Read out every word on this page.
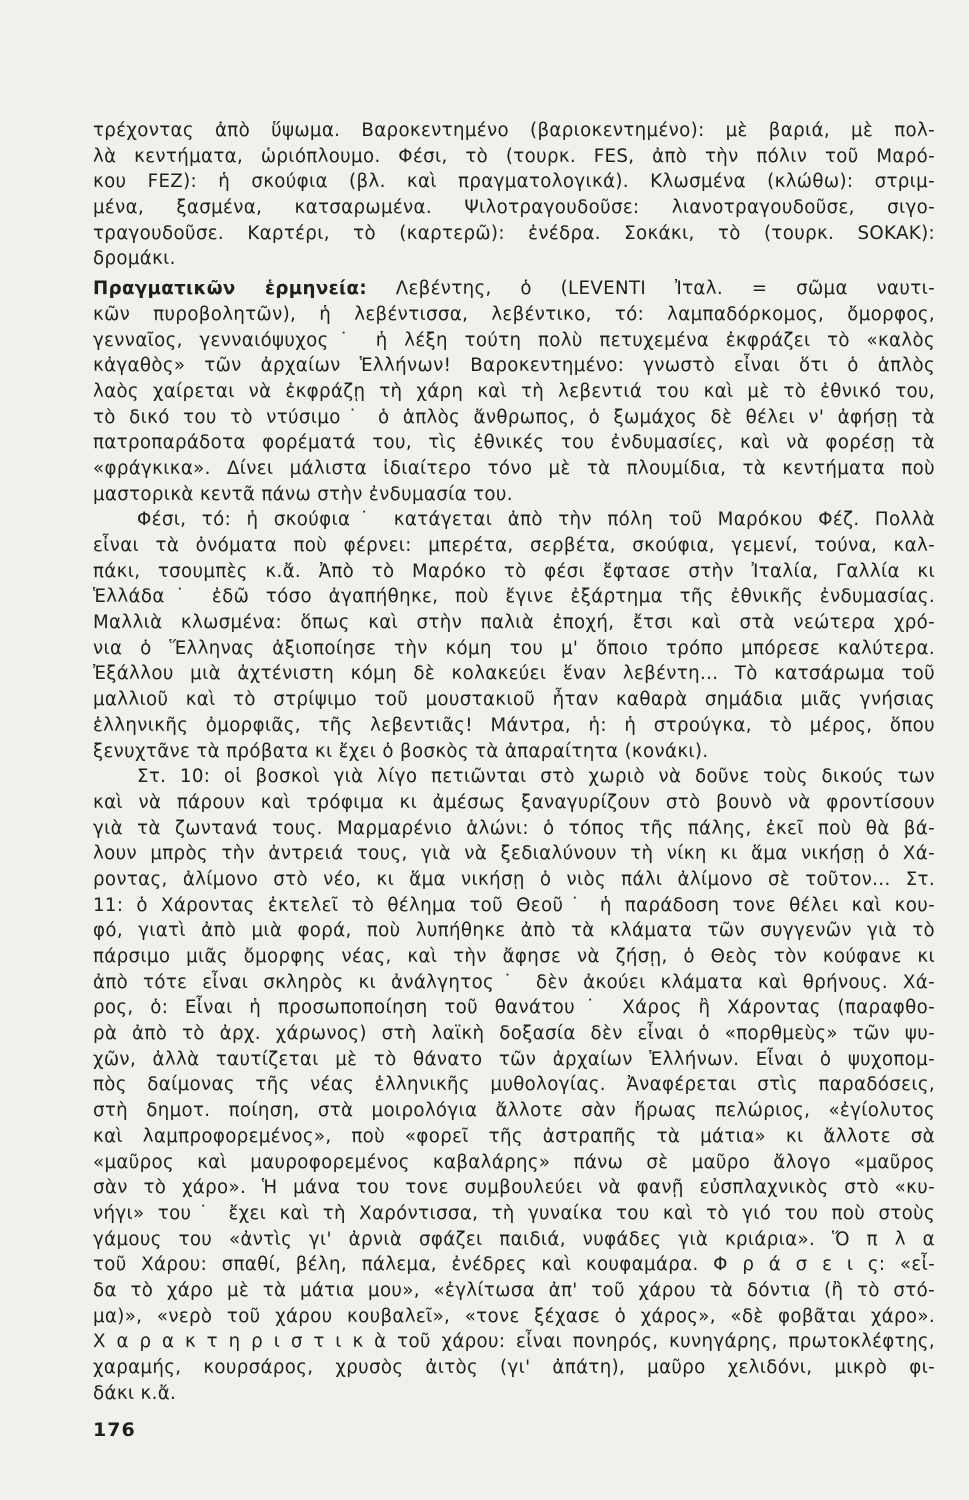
τρέχοντας ἀπὸ ὕψωμα. Βαροκεντημένο (βαριοκεντημένο): μὲ βαριά, μὲ πολ-
λὰ κεντήματα, ὡριόπλουμο. Φέσι, τὸ (τουρκ. FES, ἀπὸ τὴν πόλιν τοῦ Μαρό-
κου FEZ): ἡ σκούφια (βλ. καὶ πραγματολογικά). Κλωσμένα (κλώθω): στριμ-
μένα, ξασμένα, κατσαρωμένα. Ψιλοτραγουδοῦσε: λιανοτραγουδοῦσε, σιγο-
τραγουδοῦσε. Καρτέρι, τὸ (καρτερῶ): ἐνέδρα. Σοκάκι, τὸ (τουρκ. SOKAK):
δρομάκι.
Πραγματικῶν ἑρμηνεία: Λεβέντης, ὁ (LEVENTI Ἰταλ. = σῶμα ναυτι-
κῶν πυροβολητῶν), ἡ λεβέντισσα, λεβέντικο, τό: λαμπαδόρκομος, ὄμορφος,
γενναῖος, γενναιόψυχος˙ ἡ λέξη τούτη πολὺ πετυχεμένα ἐκφράζει τὸ «καλὸς
κἀγαθὸς» τῶν ἀρχαίων Ἑλλήνων! Βαροκεντημένο: γνωστὸ εἶναι ὅτι ὁ ἁπλὸς
λαὸς χαίρεται νὰ ἐκφράζῃ τὴ χάρη καὶ τὴ λεβεντιά του καὶ μὲ τὸ ἐθνικό του,
τὸ δικό του τὸ ντύσιμο˙ ὁ ἁπλὸς ἄνθρωπος, ὁ ξωμάχος δὲ θέλει ν' ἀφήσῃ τὰ
πατροπαράδοτα φορέματά του, τὶς ἐθνικές του ἐνδυμασίες, καὶ νὰ φορέσῃ τὰ
«φράγκικα». Δίνει μάλιστα ἰδιαίτερο τόνο μὲ τὰ πλουμίδια, τὰ κεντήματα ποὺ
μαστορικὰ κεντᾶ πάνω στὴν ἐνδυμασία του.
Φέσι, τό: ἡ σκούφια˙ κατάγεται ἀπὸ τὴν πόλη τοῦ Μαρόκου Φέζ. Πολλὰ
εἶναι τὰ ὀνόματα ποὺ φέρνει: μπερέτα, σερβέτα, σκούφια, γεμενί, τούνα, καλ-
πάκι, τσουμπὲς κ.ἄ. Ἀπὸ τὸ Μαρόκο τὸ φέσι ἔφτασε στὴν Ἰταλία, Γαλλία κι
Ἑλλάδα˙ ἐδῶ τόσο ἀγαπήθηκε, ποὺ ἔγινε ἐξάρτημα τῆς ἐθνικῆς ἐνδυμασίας.
Μαλλιὰ κλωσμένα: ὅπως καὶ στὴν παλιὰ ἐποχή, ἔτσι καὶ στὰ νεώτερα χρό-
νια ὁ Ἕλληνας ἀξιοποίησε τὴν κόμη του μ' ὅποιο τρόπο μπόρεσε καλύτερα.
Ἐξάλλου μιὰ ἀχτένιστη κόμη δὲ κολακεύει ἕναν λεβέντη... Τὸ κατσάρωμα τοῦ
μαλλιοῦ καὶ τὸ στρίψιμο τοῦ μουστακιοῦ ἦταν καθαρὰ σημάδια μιᾶς γνήσιας
ἑλληνικῆς ὀμορφιᾶς, τῆς λεβεντιᾶς! Μάντρα, ἡ: ἡ στρούγκα, τὸ μέρος, ὅπου
ξενυχτᾶνε τὰ πρόβατα κι ἔχει ὁ βοσκὸς τὰ ἀπαραίτητα (κονάκι).
Στ. 10: οἱ βοσκοὶ γιὰ λίγο πετιῶνται στὸ χωριὸ νὰ δοῦνε τοὺς δικούς των
καὶ νὰ πάρουν καὶ τρόφιμα κι ἀμέσως ξαναγυρίζουν στὸ βουνὸ νὰ φροντίσουν
γιὰ τὰ ζωντανά τους. Μαρμαρένιο ἁλώνι: ὁ τόπος τῆς πάλης, ἐκεῖ ποὺ θὰ βά-
λουν μπρὸς τὴν ἀντρειά τους, γιὰ νὰ ξεδιαλύνουν τὴ νίκη κι ἅμα νικήσῃ ὁ Χά-
ροντας, ἀλίμονο στὸ νέο, κι ἅμα νικήσῃ ὁ νιὸς πάλι ἀλίμονο σὲ τοῦτον... Στ.
11: ὁ Χάροντας ἐκτελεῖ τὸ θέλημα τοῦ Θεοῦ˙ ἡ παράδοση τονε θέλει καὶ κου-
φό, γιατὶ ἀπὸ μιὰ φορά, ποὺ λυπήθηκε ἀπὸ τὰ κλάματα τῶν συγγενῶν γιὰ τὸ
πάρσιμο μιᾶς ὄμορφης νέας, καὶ τὴν ἄφησε νὰ ζήσῃ, ὁ Θεὸς τὸν κούφανε κι
ἀπὸ τότε εἶναι σκληρὸς κι ἀνάλγητος˙ δὲν ἀκούει κλάματα καὶ θρήνους. Χά-
ρος, ὁ: Εἶναι ἡ προσωποποίηση τοῦ θανάτου˙ Χάρος ἢ Χάροντας (παραφθο-
ρὰ ἀπὸ τὸ ἀρχ. χάρωνος) στὴ λαϊκὴ δοξασία δὲν εἶναι ὁ «πορθμεὺς» τῶν ψυ-
χῶν, ἀλλὰ ταυτίζεται μὲ τὸ θάνατο τῶν ἀρχαίων Ἑλλήνων. Εἶναι ὁ ψυχοπομ-
πὸς δαίμονας τῆς νέας ἑλληνικῆς μυθολογίας. Ἀναφέρεται στὶς παραδόσεις,
στὴ δημοτ. ποίηση, στὰ μοιρολόγια ἄλλοτε σὰν ἥρωας πελώριος, «ἐγίολυτος
καὶ λαμπροφορεμένος», ποὺ «φορεῖ τῆς ἀστραπῆς τὰ μάτια» κι ἄλλοτε σὰ
«μαῦρος καὶ μαυροφορεμένος καβαλάρης» πάνω σὲ μαῦρο ἄλογο «μαῦρος
σὰν τὸ χάρο». Ἡ μάνα του τονε συμβουλεύει νὰ φανῇ εὐσπλαχνικὸς στὸ «κυ-
νήγι» του˙ ἔχει καὶ τὴ Χαρόντισσα, τὴ γυναίκα του καὶ τὸ γιό του ποὺ στοὺς
γάμους του «ἀντὶς γι' ἀρνιὰ σφάζει παιδιά, νυφάδες γιὰ κριάρια». Ὅ π λ α
τοῦ Χάρου: σπαθί, βέλη, πάλεμα, ἐνέδρες καὶ κουφαμάρα. Φ ρ ά σ ε ι ς: «εἶ-
δα τὸ χάρο μὲ τὰ μάτια μου», «ἐγλίτωσα ἀπ' τοῦ χάρου τὰ δόντια (ἢ τὸ στό-
μα)», «νερὸ τοῦ χάρου κουβαλεῖ», «τονε ξέχασε ὁ χάρος», «δὲ φοβᾶται χάρο».
Χ α ρ α κ τ η ρ ι σ τ ι κ ὰ τοῦ χάρου: εἶναι πονηρός, κυνηγάρης, πρωτοκλέφτης,
χαραμής, κουρσάρος, χρυσὸς ἀιτὸς (γι' ἀπάτη), μαῦρο χελιδόνι, μικρὸ φι-
δάκι κ.ἄ.
176
